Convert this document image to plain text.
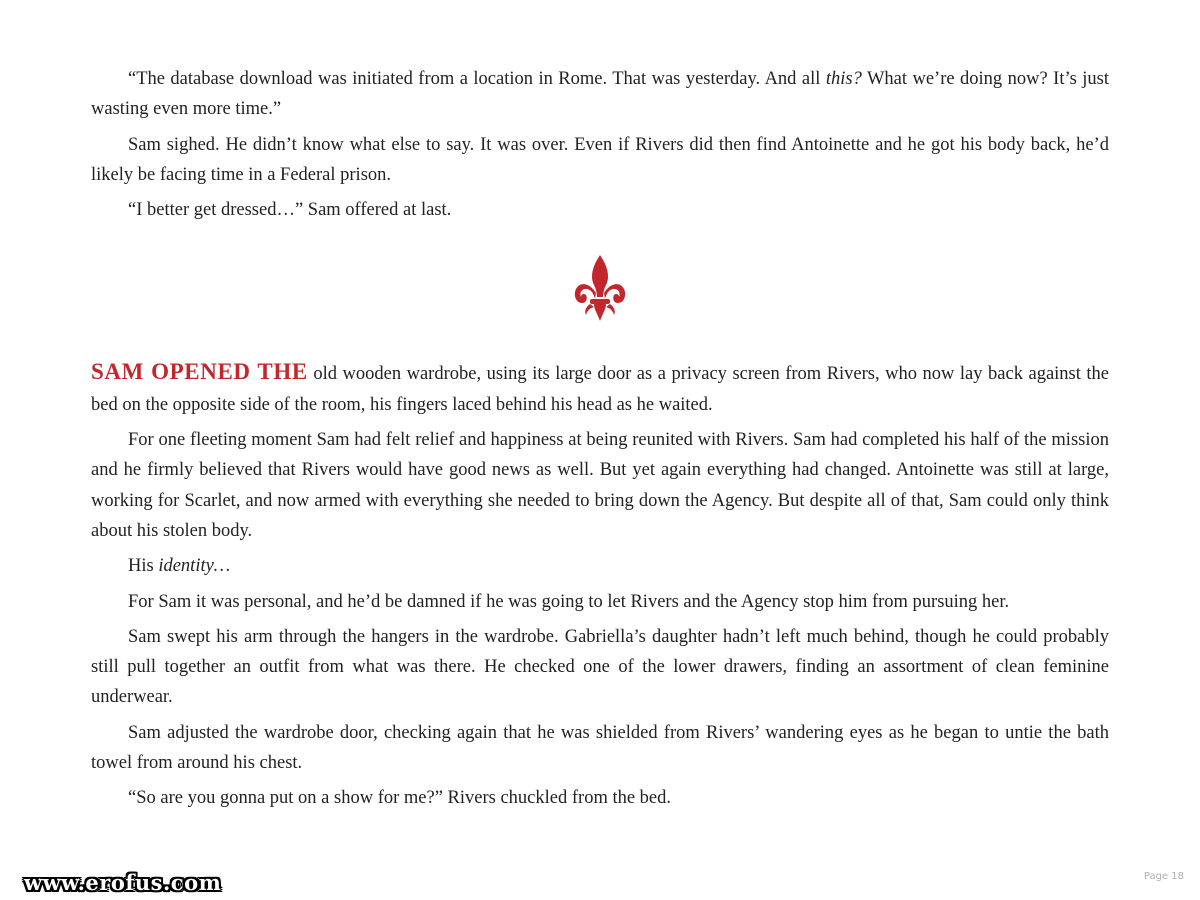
“The database download was initiated from a location in Rome. That was yesterday. And all this? What we’re doing now? It’s just wasting even more time.”

Sam sighed. He didn’t know what else to say. It was over. Even if Rivers did then find Antoinette and he got his body back, he’d likely be facing time in a Federal prison.

“I better get dressed…” Sam offered at last.

SAM OPENED THE old wooden wardrobe, using its large door as a privacy screen from Rivers, who now lay back against the bed on the opposite side of the room, his fingers laced behind his head as he waited.

For one fleeting moment Sam had felt relief and happiness at being reunited with Rivers. Sam had completed his half of the mission and he firmly believed that Rivers would have good news as well. But yet again everything had changed. Antoinette was still at large, working for Scarlet, and now armed with everything she needed to bring down the Agency. But despite all of that, Sam could only think about his stolen body.

His identity…

For Sam it was personal, and he’d be damned if he was going to let Rivers and the Agency stop him from pursuing her.

Sam swept his arm through the hangers in the wardrobe. Gabriella’s daughter hadn’t left much behind, though he could probably still pull together an outfit from what was there. He checked one of the lower drawers, finding an assortment of clean feminine underwear.

Sam adjusted the wardrobe door, checking again that he was shielded from Rivers’ wandering eyes as he began to untie the bath towel from around his chest.

“So are you gonna put on a show for me?” Rivers chuckled from the bed.

www.erofus.com	Page 18
